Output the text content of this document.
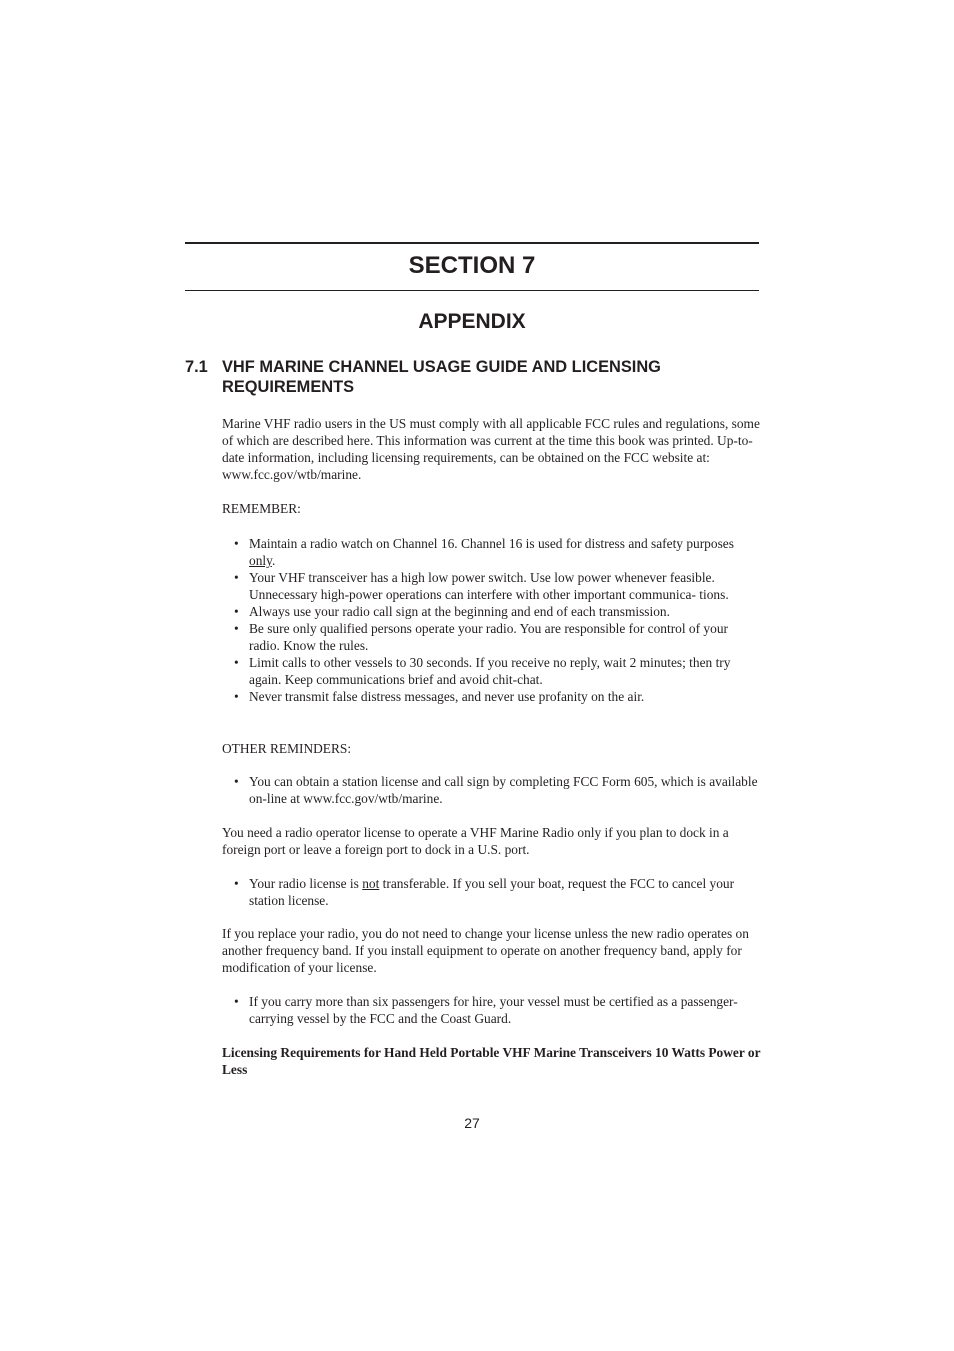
SECTION 7
APPENDIX
7.1 VHF MARINE CHANNEL USAGE GUIDE AND LICENSING REQUIREMENTS

Marine VHF radio users in the US must comply with all applicable FCC rules and regulations, some of which are described here. This information was current at the time this book was printed. Up-to-date information, including licensing requirements, can be obtained on the FCC website at: www.fcc.gov/wtb/marine.

REMEMBER:

• Maintain a radio watch on Channel 16. Channel 16 is used for distress and safety purposes only.
• Your VHF transceiver has a high low power switch. Use low power whenever feasible. Unnecessary high-power operations can interfere with other important communica- tions.
• Always use your radio call sign at the beginning and end of each transmission.
• Be sure only qualified persons operate your radio. You are responsible for control of your radio. Know the rules.
• Limit calls to other vessels to 30 seconds. If you receive no reply, wait 2 minutes; then try again. Keep communications brief and avoid chit-chat.
• Never transmit false distress messages, and never use profanity on the air.

OTHER REMINDERS:

• You can obtain a station license and call sign by completing FCC Form 605, which is available on-line at www.fcc.gov/wtb/marine.

You need a radio operator license to operate a VHF Marine Radio only if you plan to dock in a foreign port or leave a foreign port to dock in a U.S. port.

• Your radio license is not transferable. If you sell your boat, request the FCC to cancel your station license.

If you replace your radio, you do not need to change your license unless the new radio operates on another frequency band. If you install equipment to operate on another frequency band, apply for modification of your license.

• If you carry more than six passengers for hire, your vessel must be certified as a passenger-carrying vessel by the FCC and the Coast Guard.

Licensing Requirements for Hand Held Portable VHF Marine Transceivers 10 Watts Power or Less

27
